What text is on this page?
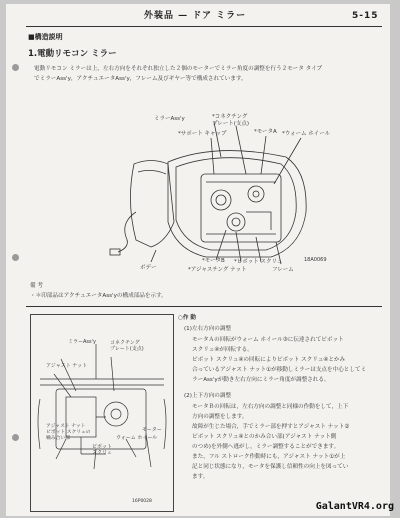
外装品 — ドア ミラー	5-15
■構造説明
1.電動リモコン ミラー
電動リモコン ミラーは上，左右方向をそれぞれ独立した２個のモーターでミラー角度の調整を行う２モータ タイプ
でミラーAss'y，アクチュエータAss'y，フレーム及びギヤー等で構成されています。
ミラーAss'y	*コネクチング
プレート(支点)
*サポート キャップ	*モータA *ウォーム ホイール
ボデー
*モータB
*アジャスチング ナット
*ピボット スクリュ
フレーム
18A0069
備 考
・＊印部品はアクチュエータAss'yの構成部品を示す。
ミラーAss'y	コネクチング
プレート(支点)
アジャスト ナット
アジャスト ナット
ピボット スクリュの
噛み合い部
ピボット
スクリュ
ウォーム ホイール
モーター
16P0028
○作 動
(1)左右方向の調整
モータＡの回転がウォーム ホイール③に伝達されてピボット
スクリュ④が回転する。
ピボット スクリュ④の回転によりピボット スクリュ④とかみ
合っているアジャスト ナット①が移動しミラーは支点を中心としてミ
ラーAss'yが動き左右方向にミラー角度が調整される。
(2)上下方向の調整
モータＢの回転は，左右方向の調整と同様の作動をして，上下
方向の調整をします。
故障が生じた場合，手でミラー部を押すとアジャスト ナット②
ピボット スクリュ④とのかみ合い部(アジャスト ナット側
のつめ)を外側へ逃がし，ミラー調整することができます。
また，フル ストローク作動時にも，アジャスト ナット①が上
記と同じ状態になり，モータを保護し信頼性の向上を図ってい
ます。
GalantVR4.org
